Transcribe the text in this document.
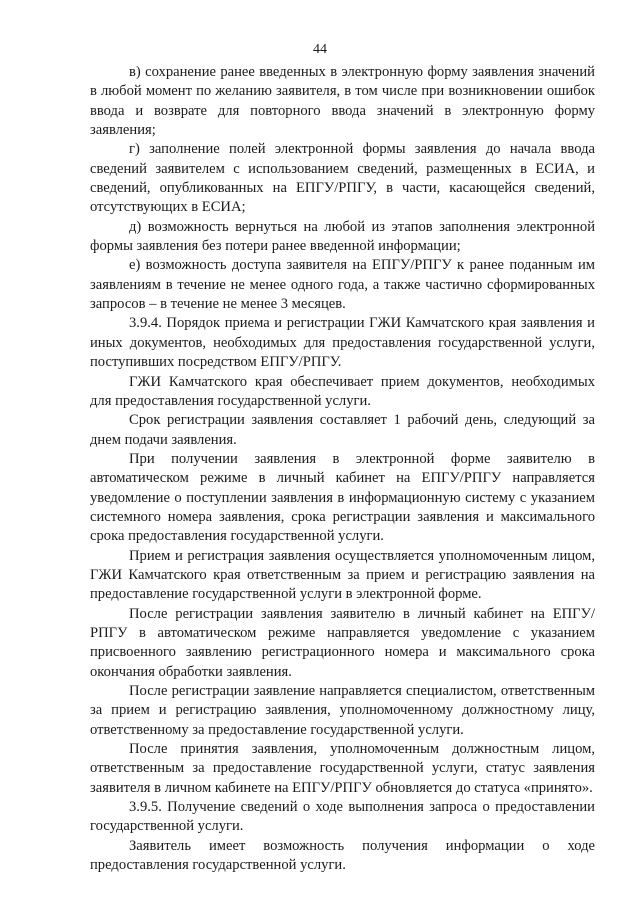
44

в) сохранение ранее введенных в электронную форму заявления значений в любой момент по желанию заявителя, в том числе при возникновении ошибок ввода и возврате для повторного ввода значений в электронную форму заявления;

г) заполнение полей электронной формы заявления до начала ввода сведений заявителем с использованием сведений, размещенных в ЕСИА, и сведений, опубликованных на ЕПГУ/РПГУ, в части, касающейся сведений, отсутствующих в ЕСИА;

д) возможность вернуться на любой из этапов заполнения электронной формы заявления без потери ранее введенной информации;

е) возможность доступа заявителя на ЕПГУ/РПГУ к ранее поданным им заявлениям в течение не менее одного года, а также частично сформированных запросов – в течение не менее 3 месяцев.

3.9.4. Порядок приема и регистрации ГЖИ Камчатского края заявления и иных документов, необходимых для предоставления государственной услуги, поступивших посредством ЕПГУ/РПГУ.

ГЖИ Камчатского края обеспечивает прием документов, необходимых для предоставления государственной услуги.

Срок регистрации заявления составляет 1 рабочий день, следующий за днем подачи заявления.

При получении заявления в электронной форме заявителю в автоматическом режиме в личный кабинет на ЕПГУ/РПГУ направляется уведомление о поступлении заявления в информационную систему с указанием системного номера заявления, срока регистрации заявления и максимального срока предоставления государственной услуги.

Прием и регистрация заявления осуществляется уполномоченным лицом, ГЖИ Камчатского края ответственным за прием и регистрацию заявления на предоставление государственной услуги в электронной форме.

После регистрации заявления заявителю в личный кабинет на ЕПГУ/РПГУ в автоматическом режиме направляется уведомление с указанием присвоенного заявлению регистрационного номера и максимального срока окончания обработки заявления.

После регистрации заявление направляется специалистом, ответственным за прием и регистрацию заявления, уполномоченному должностному лицу, ответственному за предоставление государственной услуги.

После принятия заявления, уполномоченным должностным лицом, ответственным за предоставление государственной услуги, статус заявления заявителя в личном кабинете на ЕПГУ/РПГУ обновляется до статуса «принято».

3.9.5. Получение сведений о ходе выполнения запроса о предоставлении государственной услуги.

Заявитель имеет возможность получения информации о ходе предоставления государственной услуги.
